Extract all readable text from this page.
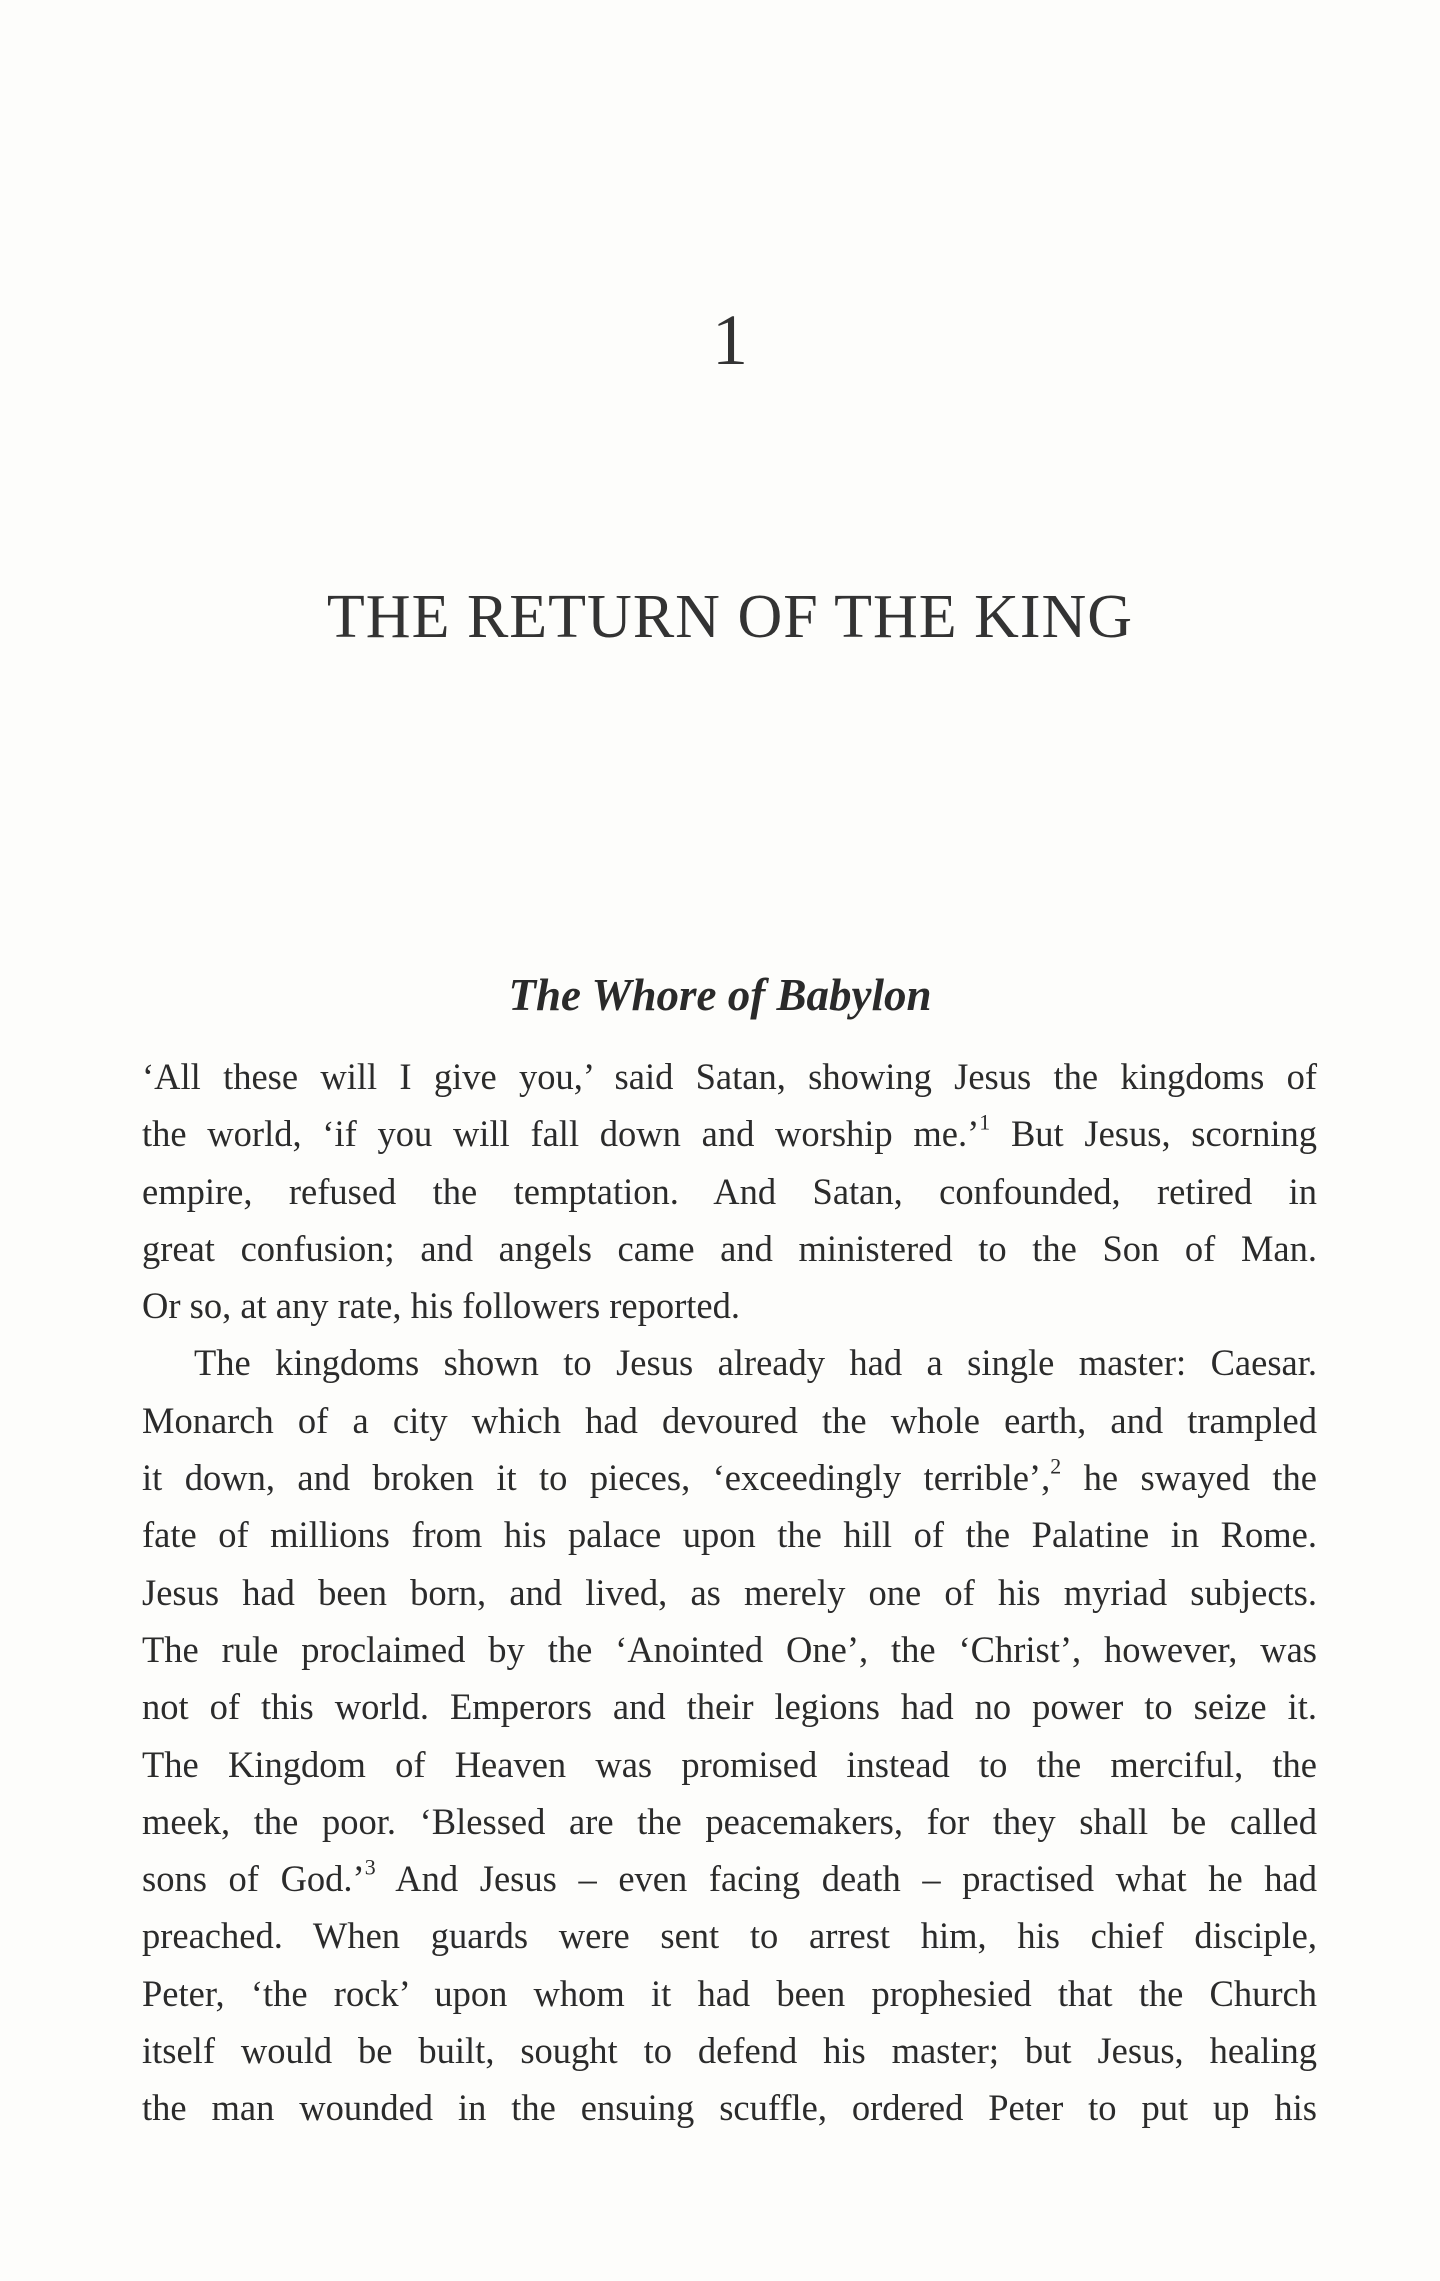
1
THE RETURN OF THE KING
The Whore of Babylon
‘All these will I give you,’ said Satan, showing Jesus the kingdoms of
the world, ‘if you will fall down and worship me.’$^1$ But Jesus, scorning
empire, refused the temptation. And Satan, confounded, retired in
great confusion; and angels came and ministered to the Son of Man.
Or so, at any rate, his followers reported.
The kingdoms shown to Jesus already had a single master: Caesar.
Monarch of a city which had devoured the whole earth, and trampled
it down, and broken it to pieces, ‘exceedingly terrible’,$^2$ he swayed the
fate of millions from his palace upon the hill of the Palatine in Rome.
Jesus had been born, and lived, as merely one of his myriad subjects.
The rule proclaimed by the ‘Anointed One’, the ‘Christ’, however, was
not of this world. Emperors and their legions had no power to seize it.
The Kingdom of Heaven was promised instead to the merciful, the
meek, the poor. ‘Blessed are the peacemakers, for they shall be called
sons of God.’$^3$ And Jesus – even facing death – practised what he had
preached. When guards were sent to arrest him, his chief disciple,
Peter, ‘the rock’ upon whom it had been prophesied that the Church
itself would be built, sought to defend his master; but Jesus, healing
the man wounded in the ensuing scuffle, ordered Peter to put up his
